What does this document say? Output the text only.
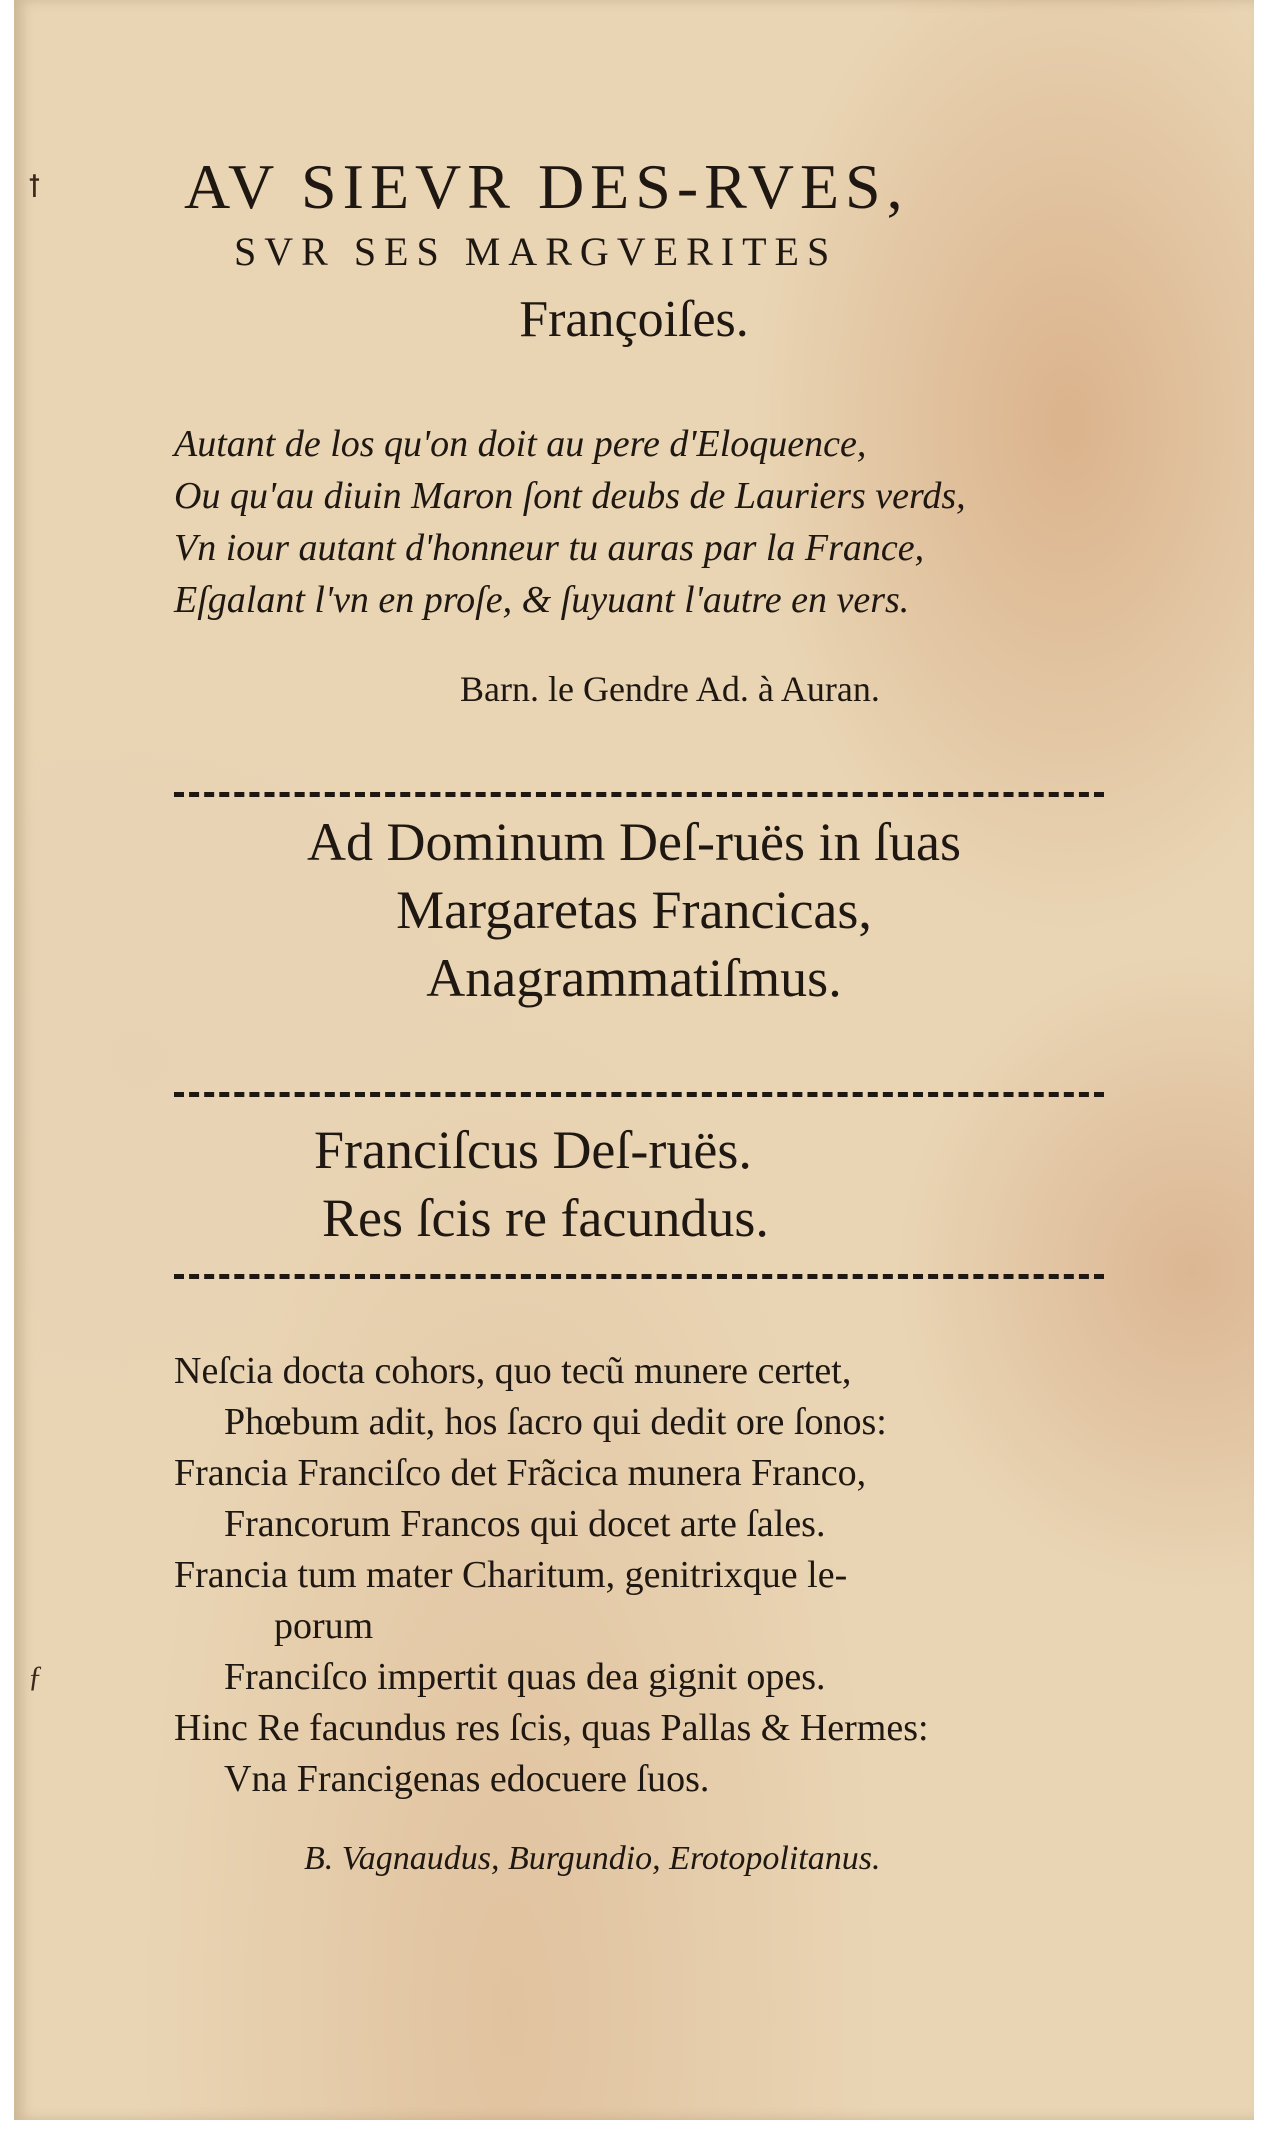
ꝉ
ƒ
AV SIEVR DES-RVES,
SVR SES MARGVERITES
Françoiſes.
Autant de los qu'on doit au pere d'Eloquence,
Ou qu'au diuin Maron ſont deubs de Lauriers verds,
Vn iour autant d'honneur tu auras par la France,
Eſgalant l'vn en proſe, & ſuyuant l'autre en vers.
Barn. le Gendre Ad. à Auran.
Ad Dominum Deſ-ruës in ſuas
Margaretas Francicas,
Anagrammatiſmus.
Franciſcus Deſ-ruës.
Res ſcis re facundus.
Neſcia docta cohors, quo tecũ munere certet,
Phœbum adit, hos ſacro qui dedit ore ſonos:
Francia Franciſco det Frãcica munera Franco,
Francorum Francos qui docet arte ſales.
Francia tum mater Charitum, genitrixque le-
porum
Franciſco impertit quas dea gignit opes.
Hinc Re facundus res ſcis, quas Pallas & Hermes:
Vna Francigenas edocuere ſuos.
B. Vagnaudus, Burgundio, Erotopolitanus.
